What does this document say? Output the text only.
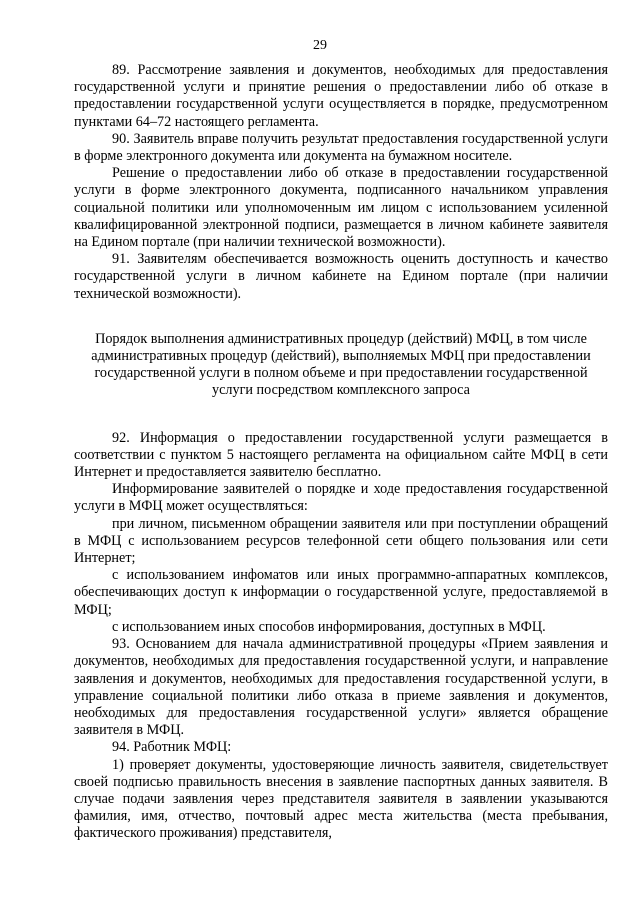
29

89. Рассмотрение заявления и документов, необходимых для предоставления государственной услуги и принятие решения о предоставлении либо об отказе в предоставлении государственной услуги осуществляется в порядке, предусмотренном пунктами 64–72 настоящего регламента.

90. Заявитель вправе получить результат предоставления государственной услуги в форме электронного документа или документа на бумажном носителе.

Решение о предоставлении либо об отказе в предоставлении государственной услуги в форме электронного документа, подписанного начальником управления социальной политики или уполномоченным им лицом с использованием усиленной квалифицированной электронной подписи, размещается в личном кабинете заявителя на Едином портале (при наличии технической возможности).

91. Заявителям обеспечивается возможность оценить доступность и качество государственной услуги в личном кабинете на Едином портале (при наличии технической возможности).

Порядок выполнения административных процедур (действий) МФЦ, в том числе административных процедур (действий), выполняемых МФЦ при предоставлении государственной услуги в полном объеме и при предоставлении государственной услуги посредством комплексного запроса

92. Информация о предоставлении государственной услуги размещается в соответствии с пунктом 5 настоящего регламента на официальном сайте МФЦ в сети Интернет и предоставляется заявителю бесплатно.

Информирование заявителей о порядке и ходе предоставления государственной услуги в МФЦ может осуществляться:

при личном, письменном обращении заявителя или при поступлении обращений в МФЦ с использованием ресурсов телефонной сети общего пользования или сети Интернет;

с использованием инфоматов или иных программно-аппаратных комплексов, обеспечивающих доступ к информации о государственной услуге, предоставляемой в МФЦ;

с использованием иных способов информирования, доступных в МФЦ.

93. Основанием для начала административной процедуры «Прием заявления и документов, необходимых для предоставления государственной услуги, и направление заявления и документов, необходимых для предоставления государственной услуги, в управление социальной политики либо отказа в приеме заявления и документов, необходимых для предоставления государственной услуги» является обращение заявителя в МФЦ.

94. Работник МФЦ:

1) проверяет документы, удостоверяющие личность заявителя, свидетельствует своей подписью правильность внесения в заявление паспортных данных заявителя. В случае подачи заявления через представителя заявителя в заявлении указываются фамилия, имя, отчество, почтовый адрес места жительства (места пребывания, фактического проживания) представителя,
